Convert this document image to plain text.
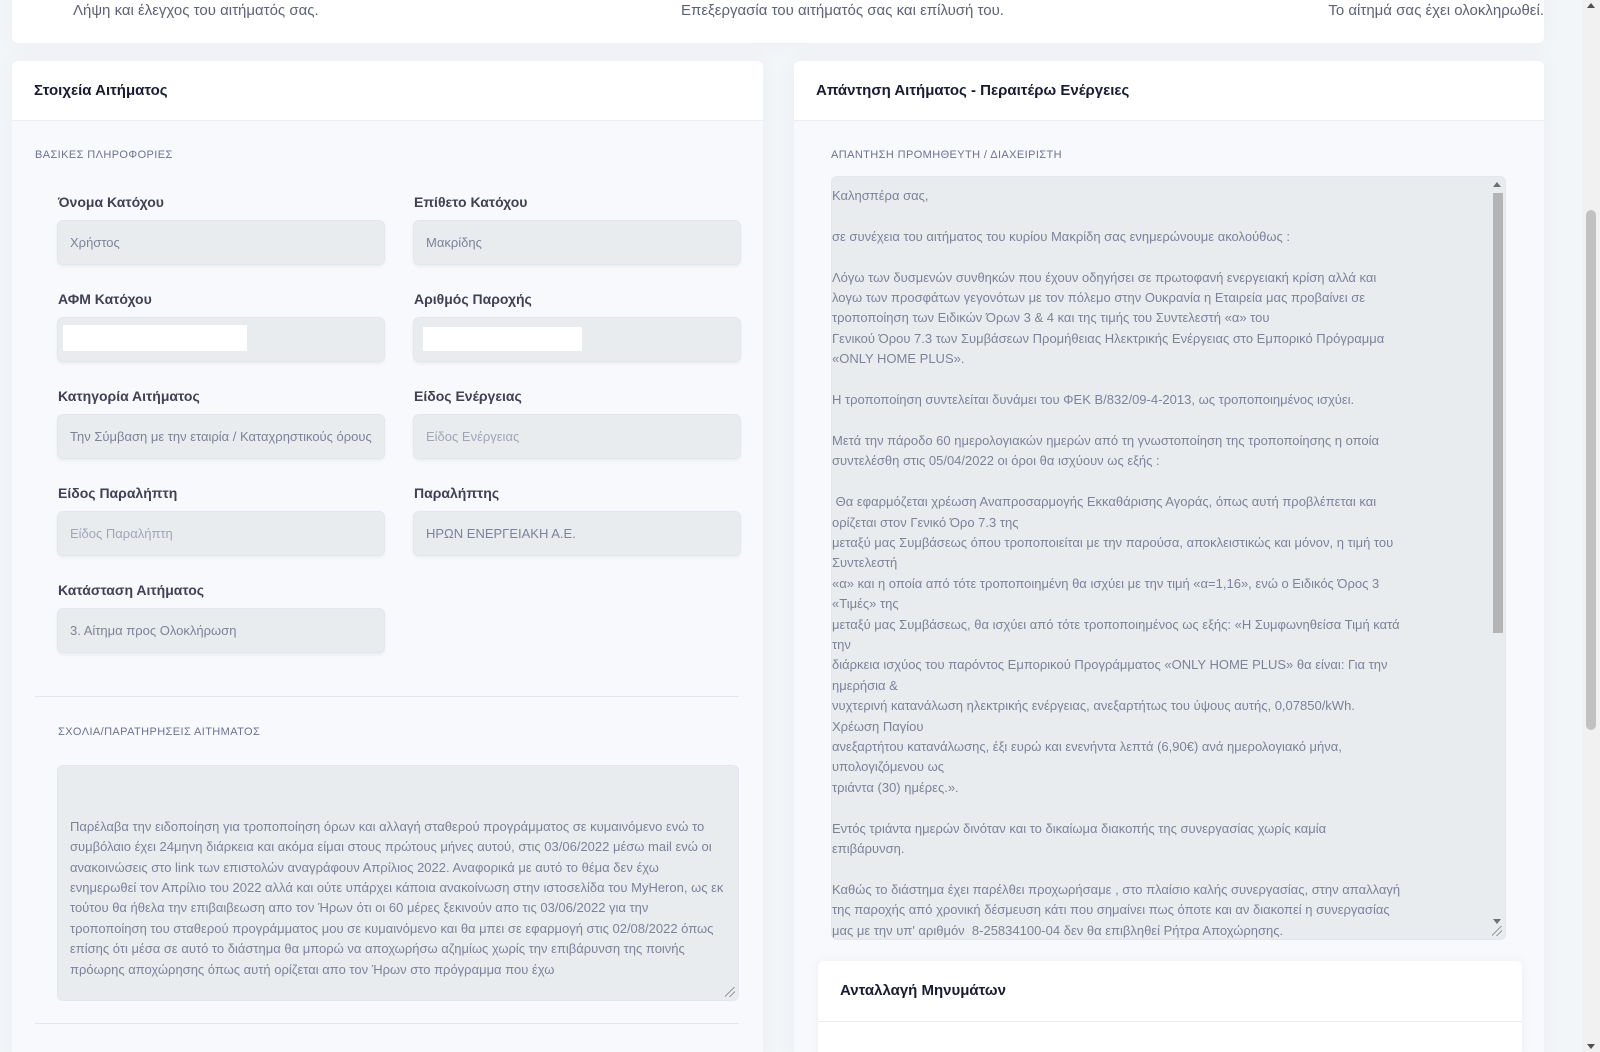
Λήψη και έλεγχος του αιτήματός σας.	Επεξεργασία του αιτήματός σας και επίλυσή του.	Το αίτημά σας έχει ολοκληρωθεί.
Στοιχεία Αιτήματος
ΒΑΣΙΚΕΣ ΠΛΗΡΟΦΟΡΙΕΣ
Όνομα Κατόχου
Χρήστος
Επίθετο Κατόχου
Μακρίδης
ΑΦΜ Κατόχου	Αριθμός Παροχής
Κατηγορία Αιτήματος
Την Σύμβαση με την εταιρία / Καταχρηστικούς όρους
Είδος Ενέργειας
Είδος Ενέργειας
Είδος Παραλήπτη
Είδος Παραλήπτη
Παραλήπτης
ΗΡΩΝ ΕΝΕΡΓΕΙΑΚΗ Α.Ε.
Κατάσταση Αιτήματος
3. Αίτημα προς Ολοκλήρωση
ΣΧΟΛΙΑ/ΠΑΡΑΤΗΡΗΣΕΙΣ ΑΙΤΗΜΑΤΟΣ

Παρέλαβα την ειδοποίηση για τροποποίηση όρων και αλλαγή σταθερού προγράμματος σε κυμαινόμενο ενώ το συμβόλαιο έχει 24μηνη διάρκεια και ακόμα είμαι στους πρώτους μήνες αυτού, στις 03/06/2022 μέσω mail ενώ οι ανακοινώσεις στο link των επιστολών αναγράφουν Απρίλιος 2022. Αναφορικά με αυτό το θέμα δεν έχω ενημερωθεί τον Απρίλιο του 2022 αλλά και ούτε υπάρχει κάποια ανακοίνωση στην ιστοσελίδα του MyHeron, ως εκ τούτου θα ήθελα την επιβαιβεωση απο τον Ήρων ότι οι 60 μέρες ξεκινούν απο τις 03/06/2022 για την τροποποίηση του σταθερού προγράμματος μου σε κυμαινόμενο και θα μπει σε εφαρμογή στις 02/08/2022 όπως επίσης ότι μέσα σε αυτό το διάστημα θα μπορώ να αποχωρήσω αζημίως χωρίς την επιβάρυνση της ποινής πρόωρης αποχώρησης όπως αυτή ορίζεται απο τον Ήρων στο πρόγραμμα που έχω

Απάντηση Αιτήματος - Περαιτέρω Ενέργειες
ΑΠΑΝΤΗΣΗ ΠΡΟΜΗΘΕΥΤΗ / ΔΙΑΧΕΙΡΙΣΤΗ
Καλησπέρα σας,

σε συνέχεια του αιτήματος του κυρίου Μακρίδη σας ενημερώνουμε ακολούθως :

Λόγω των δυσμενών συνθηκών που έχουν οδηγήσει σε πρωτοφανή ενεργειακή κρίση αλλά και
λογω των προσφάτων γεγονότων με τον πόλεμο στην Ουκρανία η Εταιρεία μας προβαίνει σε
τροποποίηση των Ειδικών Όρων 3 & 4 και της τιμής του Συντελεστή «α» του
Γενικού Όρου 7.3 των Συμβάσεων Προμήθειας Ηλεκτρικής Ενέργειας στο Εμπορικό Πρόγραμμα
«ONLY HOME PLUS».

Η τροποποίηση συντελείται δυνάμει του ΦΕΚ Β/832/09-4-2013, ως τροποποιημένος ισχύει.

Μετά την πάροδο 60 ημερολογιακών ημερών από τη γνωστοποίηση της τροποποίησης η οποία
συντελέσθη στις 05/04/2022 οι όροι θα ισχύουν ως εξής :

Θα εφαρμόζεται χρέωση Αναπροσαρμογής Εκκαθάρισης Αγοράς, όπως αυτή προβλέπεται και
ορίζεται στον Γενικό Όρο 7.3 της
μεταξύ μας Συμβάσεως όπου τροποποιείται με την παρούσα, αποκλειστικώς και μόνον, η τιμή του
Συντελεστή
«α» και η οποία από τότε τροποποιημένη θα ισχύει με την τιμή «α=1,16», ενώ ο Ειδικός Όρος 3
«Τιμές» της
μεταξύ μας Συμβάσεως, θα ισχύει από τότε τροποποιημένος ως εξής: «Η Συμφωνηθείσα Τιμή κατά
την
διάρκεια ισχύος του παρόντος Εμπορικού Προγράμματος «ONLY HOME PLUS» θα είναι: Για την
ημερήσια &
νυχτερινή κατανάλωση ηλεκτρικής ενέργειας, ανεξαρτήτως του ύψους αυτής, 0,07850/kWh.
Χρέωση Παγίου
ανεξαρτήτου κατανάλωσης, έξι ευρώ και ενενήντα λεπτά (6,90€) ανά ημερολογιακό μήνα,
υπολογιζόμενου ως
τριάντα (30) ημέρες.».

Εντός τριάντα ημερών δινόταν και το δικαίωμα διακοπής της συνεργασίας χωρίς καμία
επιβάρυνση.

Καθώς το διάστημα έχει παρέλθει προχωρήσαμε , στο πλαίσιο καλής συνεργασίας, στην απαλλαγή
της παροχής από χρονική δέσμευση κάτι που σημαίνει πως όποτε και αν διακοπεί η συνεργασίας
μας με την υπ' αριθμόν  8-25834100-04 δεν θα επιβληθεί Ρήτρα Αποχώρησης.
Ανταλλαγή Μηνυμάτων
